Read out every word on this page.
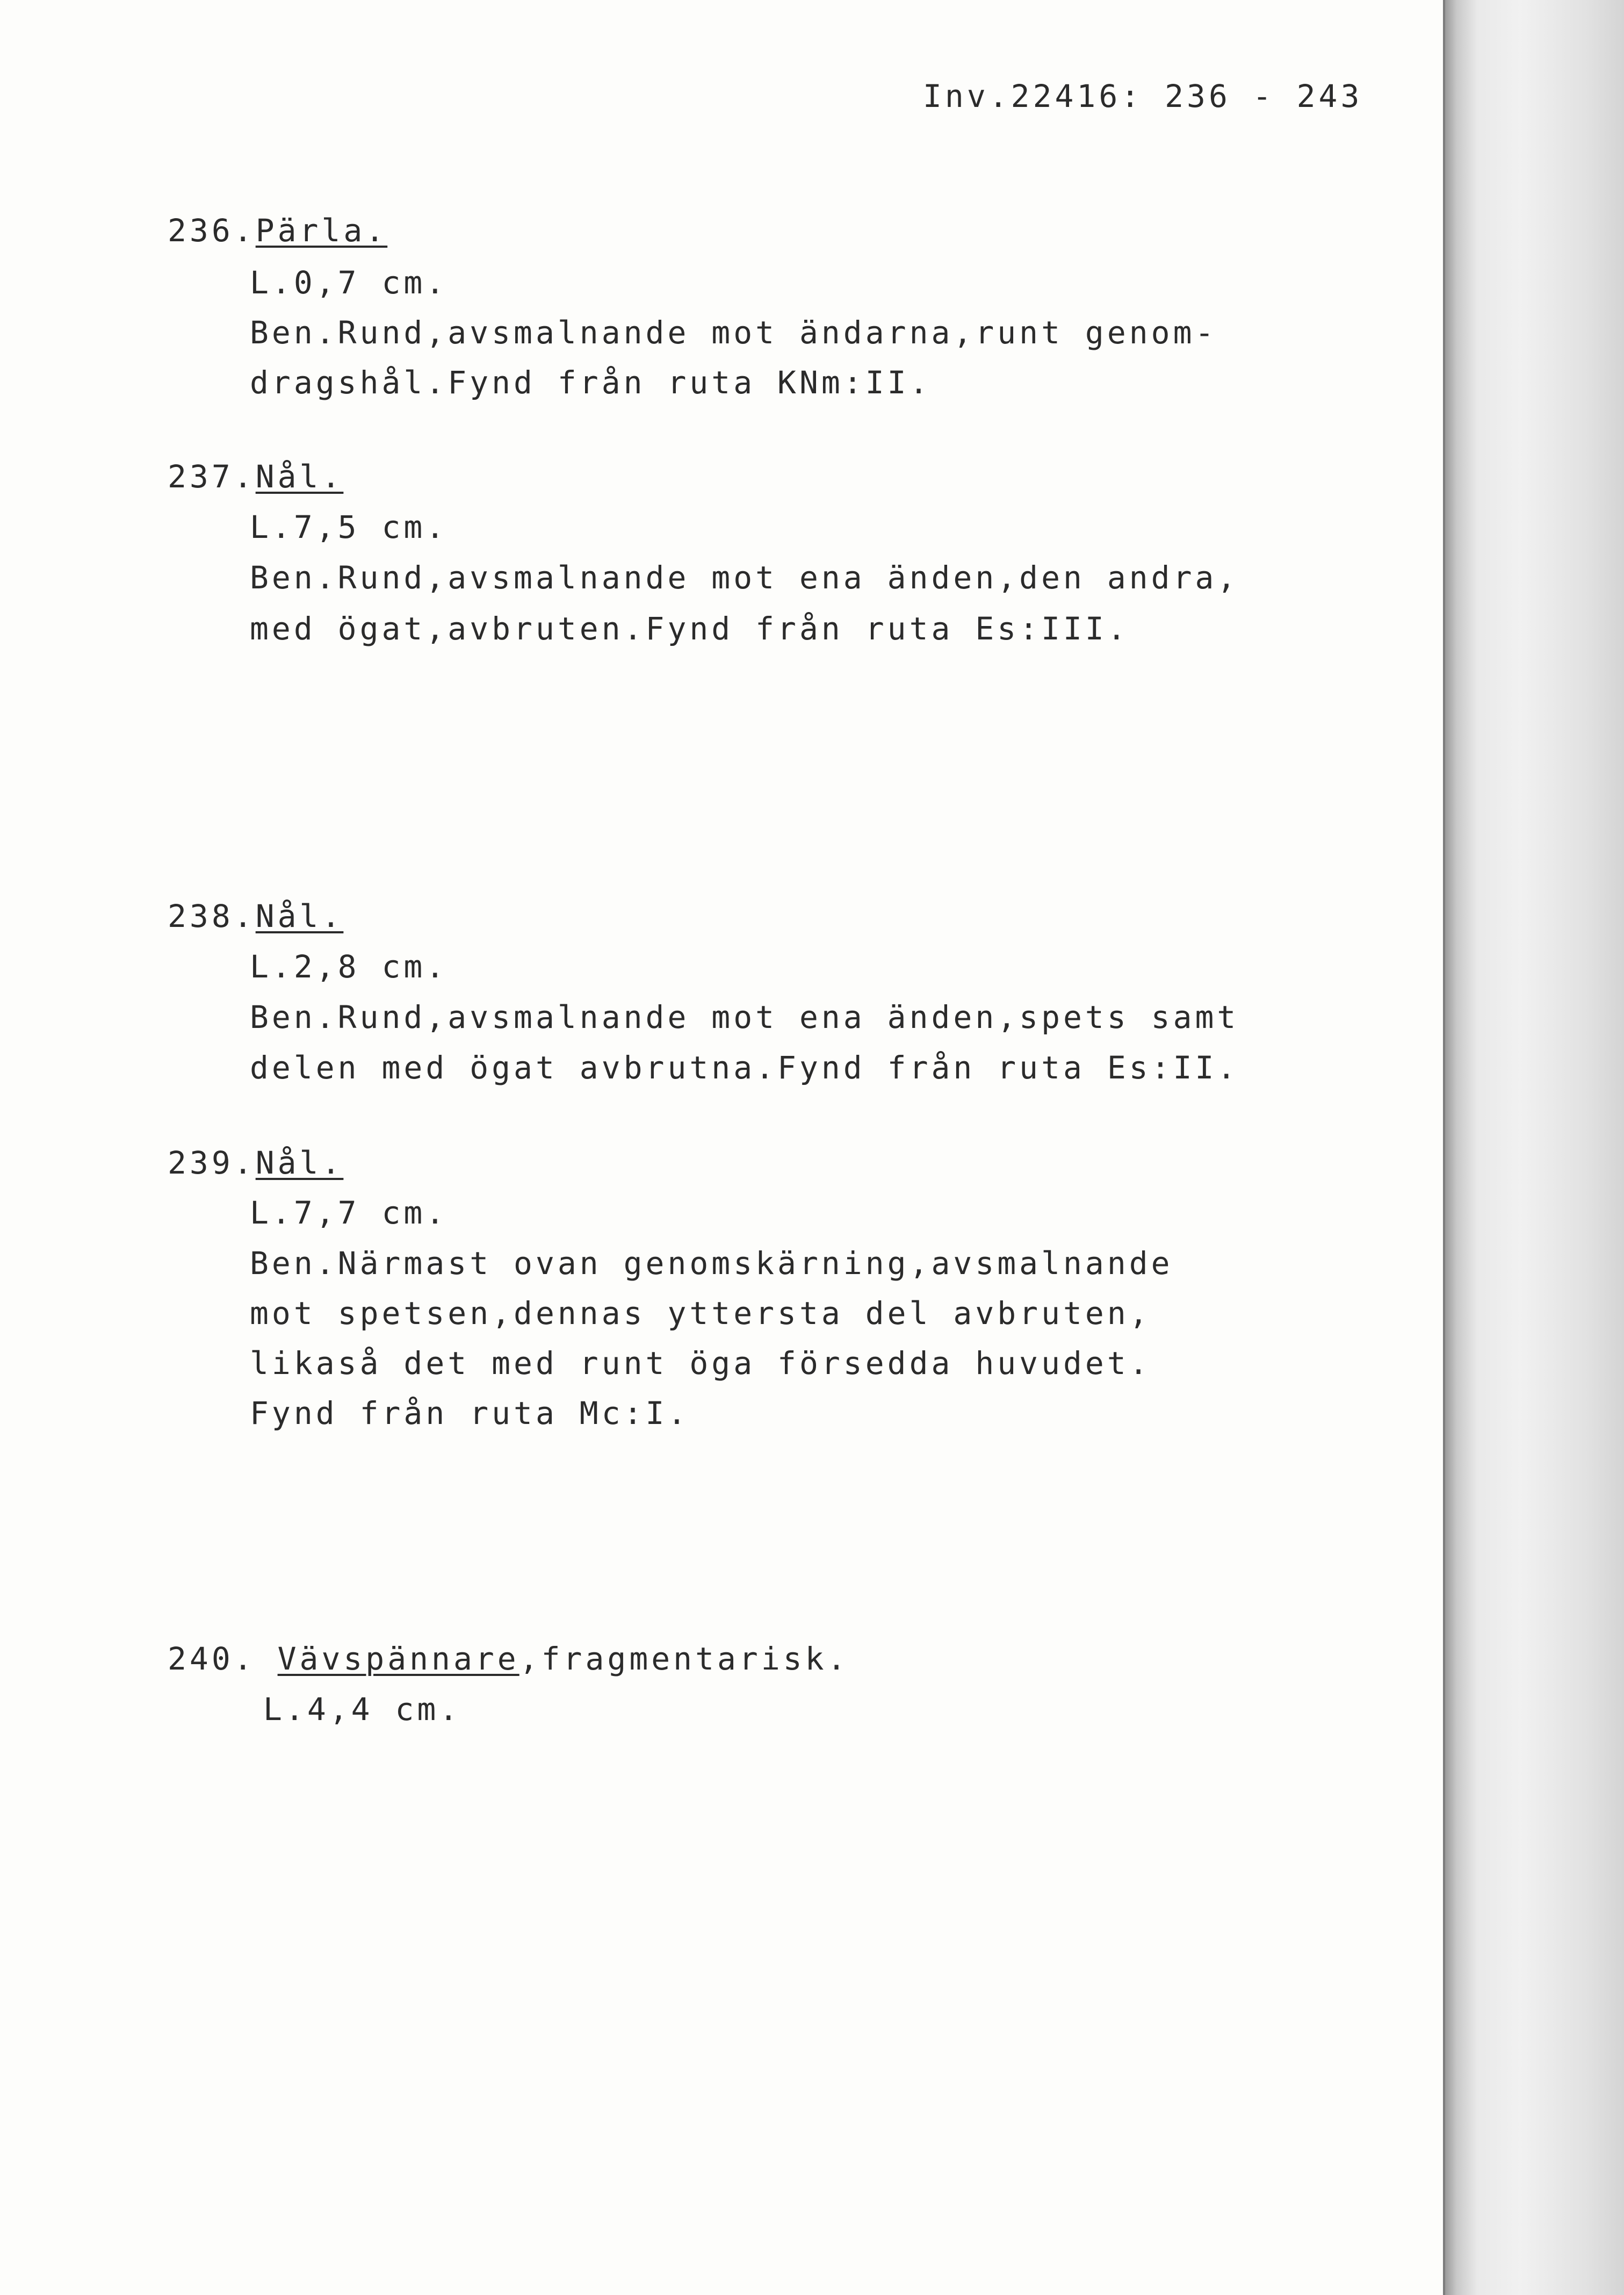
Inv.22416: 236 - 243
236.Pärla.
L.0,7 cm.
Ben.Rund,avsmalnande mot ändarna,runt genom-
dragshål.Fynd från ruta KNm:II.
237.Nål.
L.7,5 cm.
Ben.Rund,avsmalnande mot ena änden,den andra,
med ögat,avbruten.Fynd från ruta Es:III.
238.Nål.
L.2,8 cm.
Ben.Rund,avsmalnande mot ena änden,spets samt
delen med ögat avbrutna.Fynd från ruta Es:II.
239.Nål.
L.7,7 cm.
Ben.Närmast ovan genomskärning,avsmalnande
mot spetsen,dennas yttersta del avbruten,
likaså det med runt öga försedda huvudet.
Fynd från ruta Mc:I.
240. Vävspännare,fragmentarisk.
L.4,4 cm.
